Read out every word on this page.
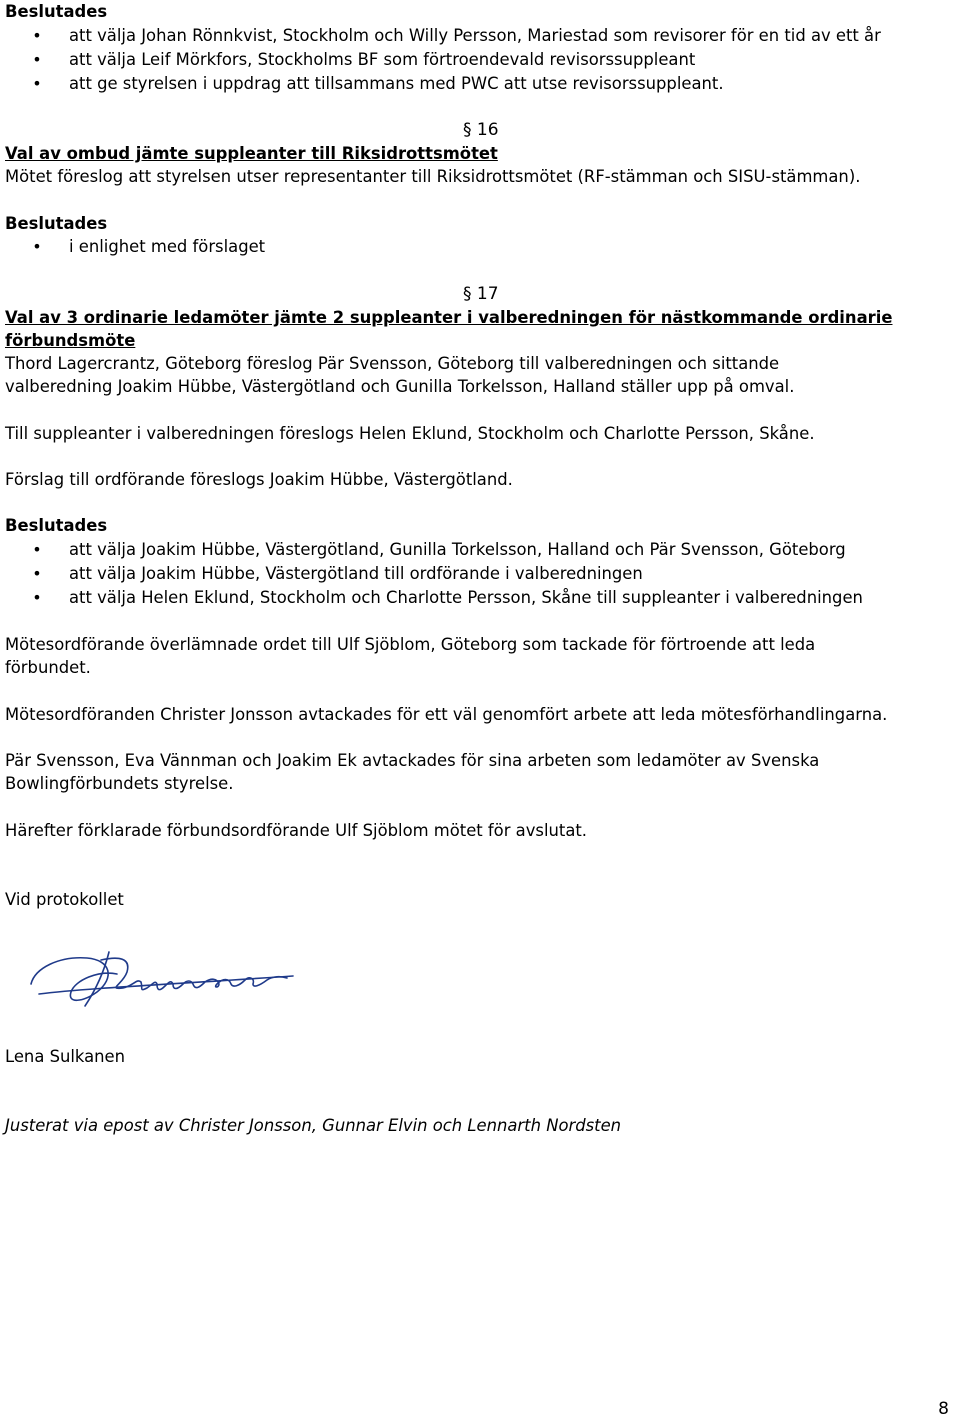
Beslutades
•	att välja Johan Rönnkvist, Stockholm och Willy Persson, Mariestad som revisorer för en tid av ett år
•	att välja Leif Mörkfors, Stockholms BF som förtroendevald revisorssuppleant
•	att ge styrelsen i uppdrag att tillsammans med PWC att utse revisorssuppleant.
§ 16
Val av ombud jämte suppleanter till Riksidrottsmötet
Mötet föreslog att styrelsen utser representanter till Riksidrottsmötet (RF-stämman och SISU-stämman).
Beslutades
•	i enlighet med förslaget
§ 17
Val av 3 ordinarie ledamöter jämte 2 suppleanter i valberedningen för nästkommande ordinarie
förbundsmöte
Thord Lagercrantz, Göteborg föreslog Pär Svensson, Göteborg till valberedningen och sittande
valberedning Joakim Hübbe, Västergötland och Gunilla Torkelsson, Halland ställer upp på omval.
Till suppleanter i valberedningen föreslogs Helen Eklund, Stockholm och Charlotte Persson, Skåne.
Förslag till ordförande föreslogs Joakim Hübbe, Västergötland.
Beslutades
•	att välja Joakim Hübbe, Västergötland, Gunilla Torkelsson, Halland och Pär Svensson, Göteborg
•	att välja Joakim Hübbe, Västergötland till ordförande i valberedningen
•	att välja Helen Eklund, Stockholm och Charlotte Persson, Skåne till suppleanter i valberedningen
Mötesordförande överlämnade ordet till Ulf Sjöblom, Göteborg som tackade för förtroende att leda
förbundet.
Mötesordföranden Christer Jonsson avtackades för ett väl genomfört arbete att leda mötesförhandlingarna.
Pär Svensson, Eva Vännman och Joakim Ek avtackades för sina arbeten som ledamöter av Svenska
Bowlingförbundets styrelse.
Härefter förklarade förbundsordförande Ulf Sjöblom mötet för avslutat.
Vid protokollet
Lena Sulkanen
Justerat via epost av Christer Jonsson, Gunnar Elvin och Lennarth Nordsten
8
